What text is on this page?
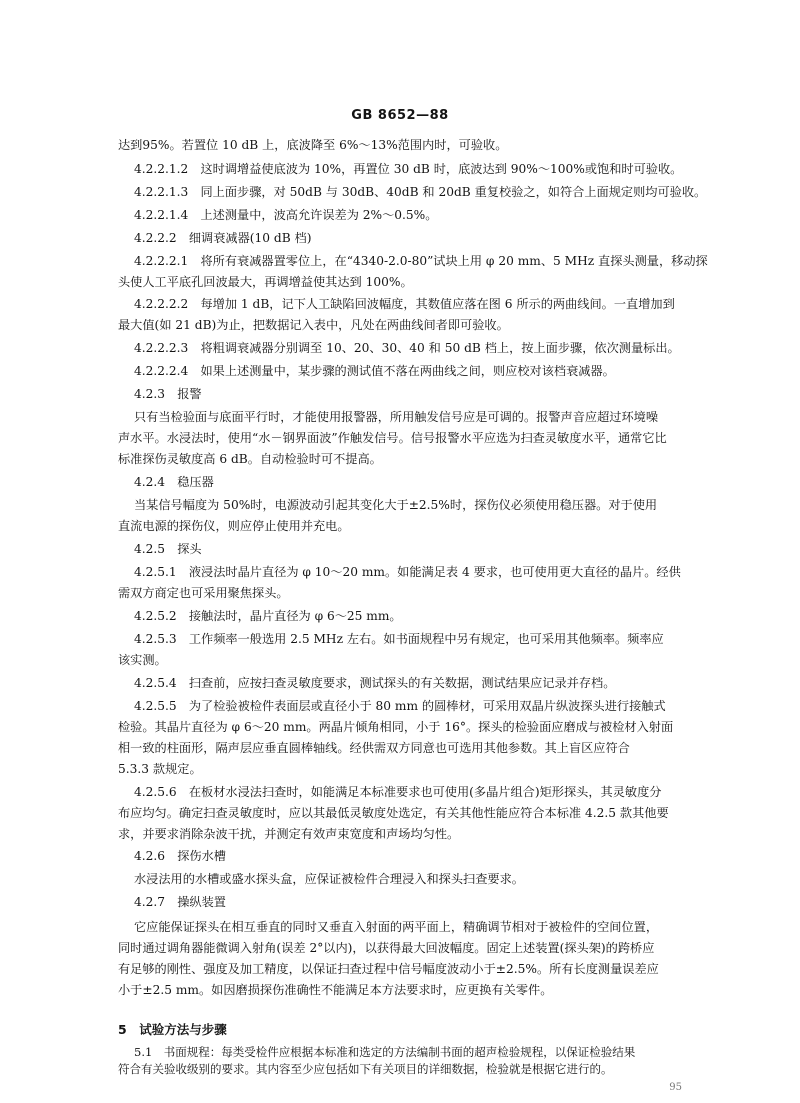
GB 8652—88
达到95%。若置位 10 dB 上，底波降至 6%～13%范围内时，可验收。
4.2.2.1.2　这时调增益使底波为 10%，再置位 30 dB 时，底波达到 90%～100%或饱和时可验收。
4.2.2.1.3　同上面步骤，对 50dB 与 30dB、40dB 和 20dB 重复校验之，如符合上面规定则均可验收。
4.2.2.1.4　上述测量中，波高允许误差为 2%～0.5%。
4.2.2.2　细调衰减器(10 dB 档)
4.2.2.2.1　将所有衰减器置零位上，在“4340-2.0-80”试块上用 φ 20 mm、5 MHz 直探头测量，移动探
头使人工平底孔回波最大，再调增益使其达到 100%。
4.2.2.2.2　每增加 1 dB，记下人工缺陷回波幅度，其数值应落在图 6 所示的两曲线间。一直增加到
最大值(如 21 dB)为止，把数据记入表中，凡处在两曲线间者即可验收。
4.2.2.2.3　将粗调衰减器分别调至 10、20、30、40 和 50 dB 档上，按上面步骤，依次测量标出。
4.2.2.2.4　如果上述测量中，某步骤的测试值不落在两曲线之间，则应校对该档衰减器。
4.2.3　报警
只有当检验面与底面平行时，才能使用报警器，所用触发信号应是可调的。报警声音应超过环境噪
声水平。水浸法时，使用“水－钢界面波”作触发信号。信号报警水平应选为扫查灵敏度水平，通常它比
标准探伤灵敏度高 6 dB。自动检验时可不提高。
4.2.4　稳压器
当某信号幅度为 50%时，电源波动引起其变化大于±2.5%时，探伤仪必须使用稳压器。对于使用
直流电源的探伤仪，则应停止使用并充电。
4.2.5　探头
4.2.5.1　液浸法时晶片直径为 φ 10～20 mm。如能满足表 4 要求，也可使用更大直径的晶片。经供
需双方商定也可采用聚焦探头。
4.2.5.2　接触法时，晶片直径为 φ 6～25 mm。
4.2.5.3　工作频率一般选用 2.5 MHz 左右。如书面规程中另有规定，也可采用其他频率。频率应
该实测。
4.2.5.4　扫查前，应按扫查灵敏度要求，测试探头的有关数据，测试结果应记录并存档。
4.2.5.5　为了检验被检件表面层或直径小于 80 mm 的圆棒材，可采用双晶片纵波探头进行接触式
检验。其晶片直径为 φ 6～20 mm。两晶片倾角相同，小于 16°。探头的检验面应磨成与被检材入射面
相一致的柱面形，隔声层应垂直圆棒轴线。经供需双方同意也可选用其他参数。其上盲区应符合
5.3.3 款规定。
4.2.5.6　在板材水浸法扫查时，如能满足本标准要求也可使用(多晶片组合)矩形探头，其灵敏度分
布应均匀。确定扫查灵敏度时，应以其最低灵敏度处选定，有关其他性能应符合本标准 4.2.5 款其他要
求，并要求消除杂波干扰，并测定有效声束宽度和声场均匀性。
4.2.6　探伤水槽
水浸法用的水槽或盛水探头盒，应保证被检件合理浸入和探头扫查要求。
4.2.7　操纵装置
它应能保证探头在相互垂直的同时又垂直入射面的两平面上，精确调节相对于被检件的空间位置，
同时通过调角器能微调入射角(误差 2°以内)，以获得最大回波幅度。固定上述装置(探头架)的跨桥应
有足够的刚性、强度及加工精度，以保证扫查过程中信号幅度波动小于±2.5%。所有长度测量误差应
小于±2.5 mm。如因磨损探伤准确性不能满足本方法要求时，应更换有关零件。
95
5　试验方法与步骤
5.1　书面规程：每类受检件应根据本标准和选定的方法编制书面的超声检验规程，以保证检验结果
符合有关验收级别的要求。其内容至少应包括如下有关项目的详细数据，检验就是根据它进行的。
